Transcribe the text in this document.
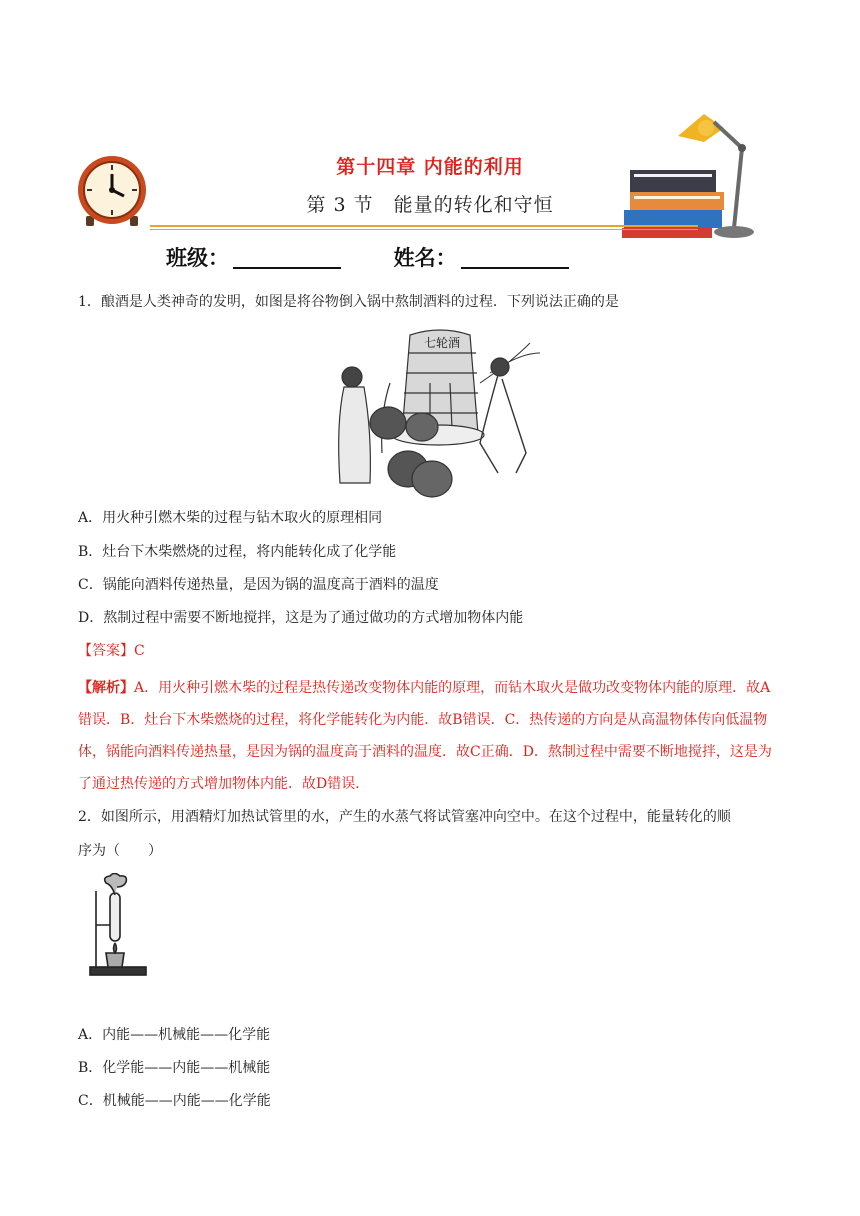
第十四章 内能的利用
第 3 节　能量的转化和守恒
班级：	姓名：
1．酿酒是人类神奇的发明，如图是将谷物倒入锅中熬制酒料的过程．下列说法正确的是
七轮酒
A．用火种引燃木柴的过程与钻木取火的原理相同
B．灶台下木柴燃烧的过程，将内能转化成了化学能
C．锅能向酒料传递热量，是因为锅的温度高于酒料的温度
D．熬制过程中需要不断地搅拌，这是为了通过做功的方式增加物体内能
【答案】C
【解析】A．用火种引燃木柴的过程是热传递改变物体内能的原理，而钻木取火是做功改变物体内能的原理．故A错误．B．灶台下木柴燃烧的过程，将化学能转化为内能．故B错误．C．热传递的方向是从高温物体传向低温物体，锅能向酒料传递热量，是因为锅的温度高于酒料的温度．故C正确．D．熬制过程中需要不断地搅拌，这是为了通过热传递的方式增加物体内能．故D错误．
2．如图所示，用酒精灯加热试管里的水，产生的水蒸气将试管塞冲向空中。在这个过程中，能量转化的顺
序为（　　）
A．内能——机械能——化学能
B．化学能——内能——机械能
C．机械能——内能——化学能
